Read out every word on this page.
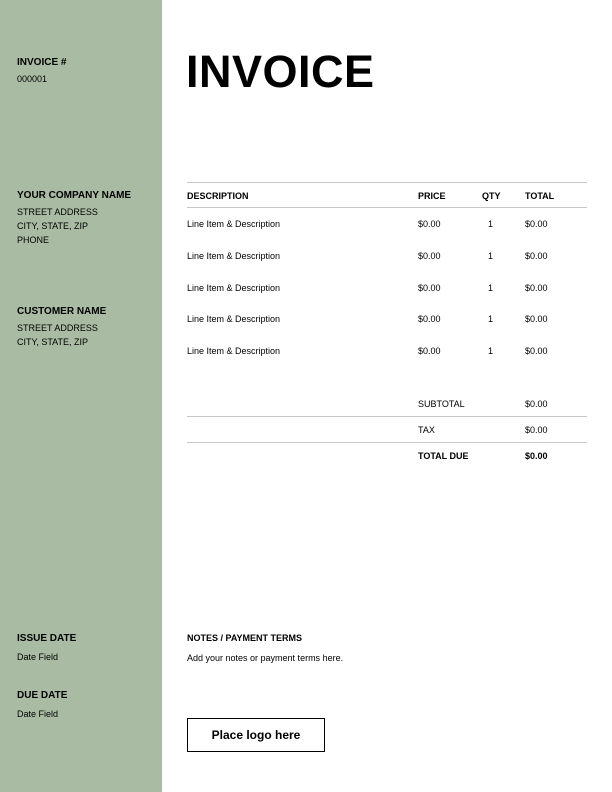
INVOICE #

000001

YOUR COMPANY NAME

STREET ADDRESS

CITY, STATE, ZIP

PHONE

CUSTOMER NAME

STREET ADDRESS

CITY, STATE, ZIP

ISSUE DATE

Date Field

DUE DATE

Date Field

INVOICE
DESCRIPTION	PRICE	QTY	TOTAL
Line Item & Description	$0.00	1	$0.00
Line Item & Description	$0.00	1	$0.00
Line Item & Description	$0.00	1	$0.00
Line Item & Description	$0.00	1	$0.00
Line Item & Description	$0.00	1	$0.00
SUBTOTAL	$0.00
TAX	$0.00
TOTAL DUE	$0.00

NOTES / PAYMENT TERMS

Add your notes or payment terms here.

Place logo here
